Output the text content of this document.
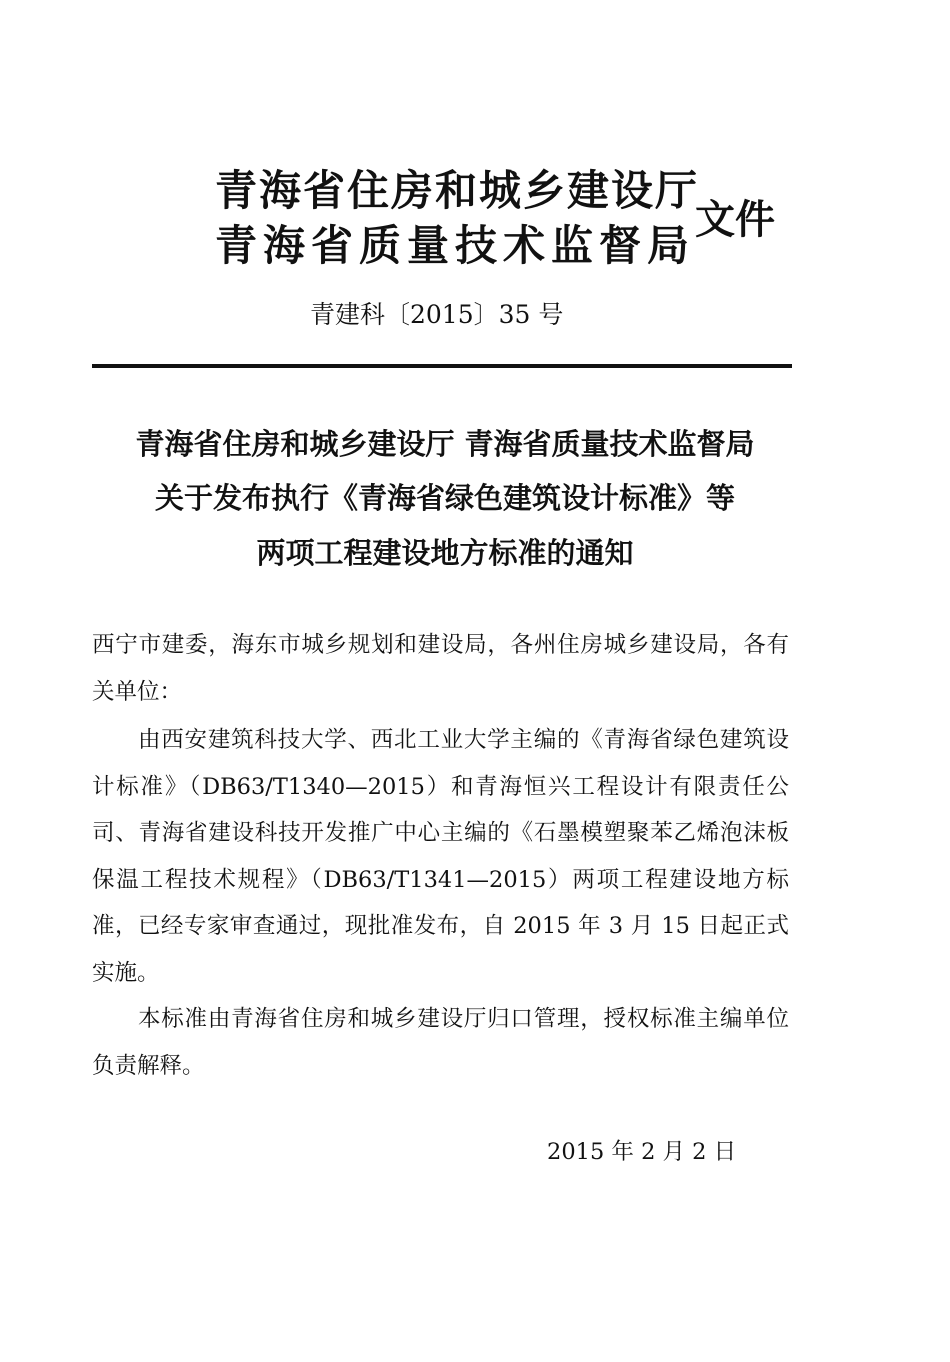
青海省住房和城乡建设厅
青海省质量技术监督局
文件
青建科〔2015〕35 号
青海省住房和城乡建设厅 青海省质量技术监督局
关于发布执行《青海省绿色建筑设计标准》等
两项工程建设地方标准的通知
西宁市建委，海东市城乡规划和建设局，各州住房城乡建设局，各有关单位：
由西安建筑科技大学、西北工业大学主编的《青海省绿色建筑设计标准》（DB63/T1340—2015）和青海恒兴工程设计有限责任公司、青海省建设科技开发推广中心主编的《石墨模塑聚苯乙烯泡沫板保温工程技术规程》（DB63/T1341—2015）两项工程建设地方标准，已经专家审查通过，现批准发布，自 2015 年 3 月 15 日起正式实施。
本标准由青海省住房和城乡建设厅归口管理，授权标准主编单位负责解释。
2015 年 2 月 2 日
